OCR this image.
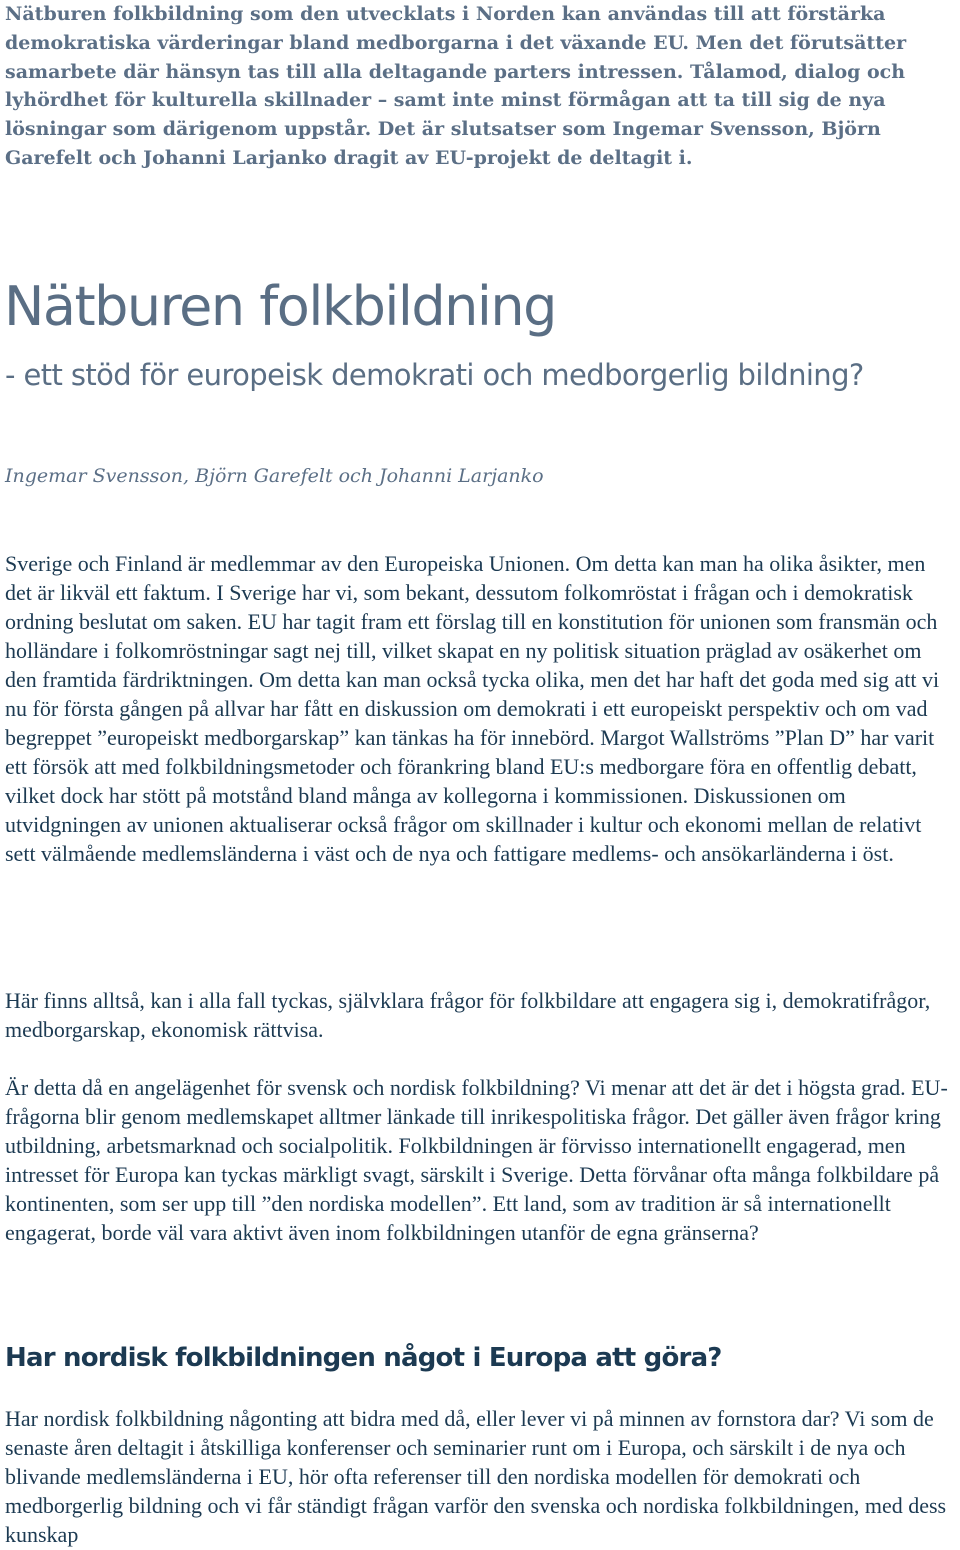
Nätburen folkbildning som den utvecklats i Norden kan användas till att förstärka demokratiska värderingar bland medborgarna i det växande EU. Men det förutsätter samarbete där hänsyn tas till alla deltagande parters intressen. Tålamod, dialog och lyhördhet för kulturella skillnader – samt inte minst förmågan att ta till sig de nya lösningar som därigenom uppstår. Det är slutsatser som Ingemar Svensson, Björn Garefelt och Johanni Larjanko dragit av EU-projekt de deltagit i.

Nätburen folkbildning
- ett stöd för europeisk demokrati och medborgerlig bildning?

Ingemar Svensson, Björn Garefelt och Johanni Larjanko

Sverige och Finland är medlemmar av den Europeiska Unionen. Om detta kan man ha olika åsikter, men det är likväl ett faktum. I Sverige har vi, som bekant, dessutom folkomröstat i frågan och i demokratisk ordning beslutat om saken. EU har tagit fram ett förslag till en konstitution för unionen som fransmän och holländare i folkomröstningar sagt nej till, vilket skapat en ny politisk situation präglad av osäkerhet om den framtida färdriktningen. Om detta kan man också tycka olika, men det har haft det goda med sig att vi nu för första gången på allvar har fått en diskussion om demokrati i ett europeiskt perspektiv och om vad begreppet ”europeiskt medborgarskap” kan tänkas ha för innebörd. Margot Wallströms ”Plan D” har varit ett försök att med folkbildningsmetoder och förankring bland EU:s medborgare föra en offentlig debatt, vilket dock har stött på motstånd bland många av kollegorna i kommissionen. Diskussionen om utvidgningen av unionen aktualiserar också frågor om skillnader i kultur och ekonomi mellan de relativt sett välmående medlemsländerna i väst och de nya och fattigare medlems- och ansökarländerna i öst.

Här finns alltså, kan i alla fall tyckas, självklara frågor för folkbildare att engagera sig i, demokratifrågor, medborgarskap, ekonomisk rättvisa.

Är detta då en angelägenhet för svensk och nordisk folkbildning? Vi menar att det är det i högsta grad. EU-frågorna blir genom medlemskapet alltmer länkade till inrikespolitiska frågor. Det gäller även frågor kring utbildning, arbetsmarknad och socialpolitik. Folkbildningen är förvisso internationellt engagerad, men intresset för Europa kan tyckas märkligt svagt, särskilt i Sverige. Detta förvånar ofta många folkbildare på kontinenten, som ser upp till ”den nordiska modellen”. Ett land, som av tradition är så internationellt engagerat, borde väl vara aktivt även inom folkbildningen utanför de egna gränserna?

Har nordisk folkbildningen något i Europa att göra?

Har nordisk folkbildning någonting att bidra med då, eller lever vi på minnen av fornstora dar? Vi som de senaste åren deltagit i åtskilliga konferenser och seminarier runt om i Europa, och särskilt i de nya och blivande medlemsländerna i EU, hör ofta referenser till den nordiska modellen för demokrati och medborgerlig bildning och vi får ständigt frågan varför den svenska och nordiska folkbildningen, med dess kunskap
